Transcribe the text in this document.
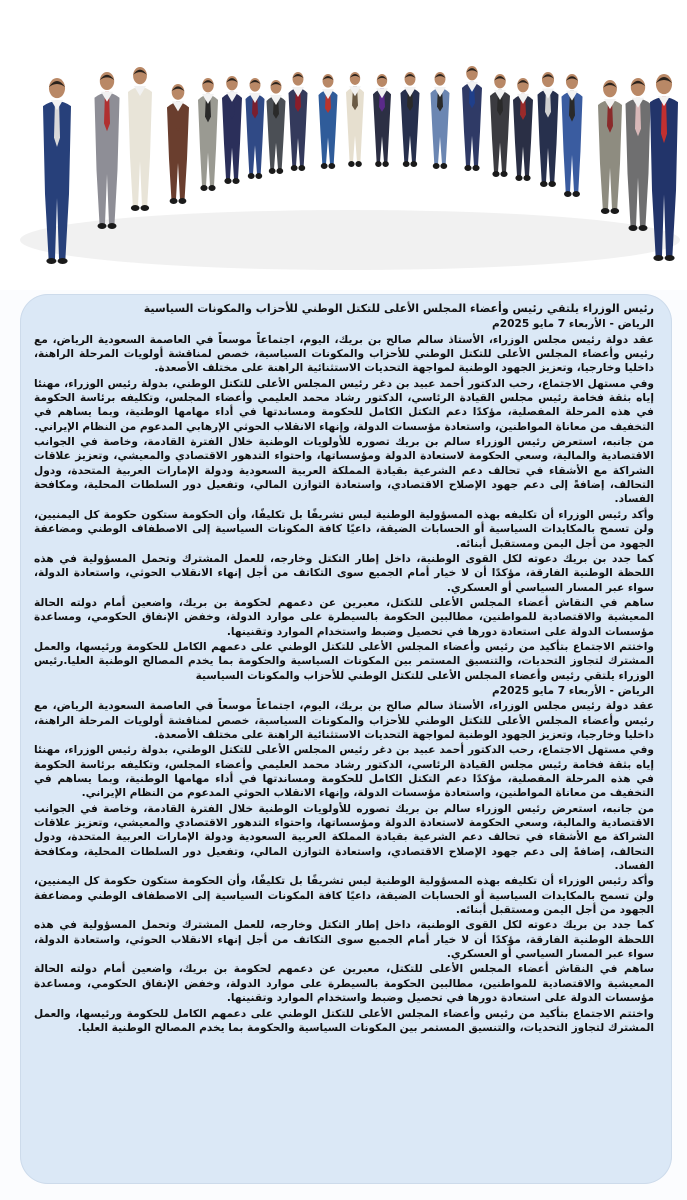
رئيس الوزراء يلتقي رئيس وأعضاء المجلس الأعلى للتكتل الوطني للأحزاب والمكونات السياسية

الرياض - الأربعاء 7 مايو 2025م

عقد دولة رئيس مجلس الوزراء، الأستاذ سالم صالح بن بريك، اليوم، اجتماعاً موسعاً في العاصمة السعودية الرياض، مع رئيس وأعضاء المجلس الأعلى للتكتل الوطني للأحزاب والمكونات السياسية، خصص لمناقشة أولويات المرحلة الراهنة، داخليا وخارجيا، وتعزيز الجهود الوطنية لمواجهة التحديات الاستثنائية الراهنة على مختلف الأصعدة.

وفي مستهل الاجتماع، رحب الدكتور أحمد عبيد بن دغر رئيس المجلس الأعلى للتكتل الوطني، بدولة رئيس الوزراء، مهنئا إياه بثقة فخامة رئيس مجلس القيادة الرئاسي، الدكتور رشاد محمد العليمي وأعضاء المجلس، وتكليفه برئاسة الحكومة في هذه المرحلة المفصلية، مؤكدًا دعم التكتل الكامل للحكومة ومساندتها في أداء مهامها الوطنية، وبما يساهم في التخفيف من معاناة المواطنين، واستعادة مؤسسات الدولة، وإنهاء الانقلاب الحوثي الإرهابي المدعوم من النظام الإيراني.

من جانبه، استعرض رئيس الوزراء سالم بن بريك تصوره للأولويات الوطنية خلال الفترة القادمة، وخاصة في الجوانب الاقتصادية والمالية، وسعي الحكومة لاستعادة الدولة ومؤسساتها، واحتواء التدهور الاقتصادي والمعيشي، وتعزيز علاقات الشراكة مع الأشقاء في تحالف دعم الشرعية بقيادة المملكة العربية السعودية ودولة الإمارات العربية المتحدة، ودول التحالف، إضافةً إلى دعم جهود الإصلاح الاقتصادي، واستعادة التوازن المالي، وتفعيل دور السلطات المحلية، ومكافحة الفساد.

وأكد رئيس الوزراء أن تكليفه بهذه المسؤولية الوطنية ليس تشريفًا بل تكليفًا، وأن الحكومة ستكون حكومة كل اليمنيين، ولن تسمح بالمكايدات السياسية أو الحسابات الضيقة، داعيًا كافة المكونات السياسية إلى الاصطفاف الوطني ومضاعفة الجهود من أجل اليمن ومستقبل أبنائه.

كما جدد بن بريك دعوته لكل القوى الوطنية، داخل إطار التكتل وخارجه، للعمل المشترك وتحمل المسؤولية في هذه اللحظة الوطنية الفارقة، مؤكدًا أن لا خيار أمام الجميع سوى التكاتف من أجل إنهاء الانقلاب الحوثي، واستعادة الدولة، سواء عبر المسار السياسي أو العسكري.

ساهم في النقاش أعضاء المجلس الأعلى للتكتل، معبرين عن دعمهم لحكومة بن بريك، واضعين أمام دولته الحالة المعيشية والاقتصادية للمواطنين، مطالبين الحكومة بالسيطرة على موارد الدولة، وخفض الإنفاق الحكومي، ومساعدة مؤسسات الدولة على استعادة دورها في تحصيل وضبط واستخدام الموارد وتقنينها.

واختتم الاجتماع بتأكيد من رئيس وأعضاء المجلس الأعلى للتكتل الوطني على دعمهم الكامل للحكومة ورئيسها، والعمل المشترك لتجاوز التحديات، والتنسيق المستمر بين المكونات السياسية والحكومة بما يخدم المصالح الوطنية العليا.رئيس الوزراء يلتقي رئيس وأعضاء المجلس الأعلى للتكتل الوطني للأحزاب والمكونات السياسية

الرياض - الأربعاء 7 مايو 2025م

عقد دولة رئيس مجلس الوزراء، الأستاذ سالم صالح بن بريك، اليوم، اجتماعاً موسعاً في العاصمة السعودية الرياض، مع رئيس وأعضاء المجلس الأعلى للتكتل الوطني للأحزاب والمكونات السياسية، خصص لمناقشة أولويات المرحلة الراهنة، داخليا وخارجيا، وتعزيز الجهود الوطنية لمواجهة التحديات الاستثنائية الراهنة على مختلف الأصعدة.

وفي مستهل الاجتماع، رحب الدكتور أحمد عبيد بن دغر رئيس المجلس الأعلى للتكتل الوطني، بدولة رئيس الوزراء، مهنئا إياه بثقة فخامة رئيس مجلس القيادة الرئاسي، الدكتور رشاد محمد العليمي وأعضاء المجلس، وتكليفه برئاسة الحكومة في هذه المرحلة المفصلية، مؤكدًا دعم التكتل الكامل للحكومة ومساندتها في أداء مهامها الوطنية، وبما يساهم في التخفيف من معاناة المواطنين، واستعادة مؤسسات الدولة، وإنهاء الانقلاب الحوثي المدعوم من النظام الإيراني.

من جانبه، استعرض رئيس الوزراء سالم بن بريك تصوره للأولويات الوطنية خلال الفترة القادمة، وخاصة في الجوانب الاقتصادية والمالية، وسعي الحكومة لاستعادة الدولة ومؤسساتها، واحتواء التدهور الاقتصادي والمعيشي، وتعزيز علاقات الشراكة مع الأشقاء في تحالف دعم الشرعية بقيادة المملكة العربية السعودية ودولة الإمارات العربية المتحدة، ودول التحالف، إضافةً إلى دعم جهود الإصلاح الاقتصادي، واستعادة التوازن المالي، وتفعيل دور السلطات المحلية، ومكافحة الفساد.

وأكد رئيس الوزراء أن تكليفه بهذه المسؤولية الوطنية ليس تشريفًا بل تكليفًا، وأن الحكومة ستكون حكومة كل اليمنيين، ولن تسمح بالمكايدات السياسية أو الحسابات الضيقة، داعيًا كافة المكونات السياسية إلى الاصطفاف الوطني ومضاعفة الجهود من أجل اليمن ومستقبل أبنائه.

كما جدد بن بريك دعوته لكل القوى الوطنية، داخل إطار التكتل وخارجه، للعمل المشترك وتحمل المسؤولية في هذه اللحظة الوطنية الفارقة، مؤكدًا أن لا خيار أمام الجميع سوى التكاتف من أجل إنهاء الانقلاب الحوثي، واستعادة الدولة، سواء عبر المسار السياسي أو العسكري.

ساهم في النقاش أعضاء المجلس الأعلى للتكتل، معبرين عن دعمهم لحكومة بن بريك، واضعين أمام دولته الحالة المعيشية والاقتصادية للمواطنين، مطالبين الحكومة بالسيطرة على موارد الدولة، وخفض الإنفاق الحكومي، ومساعدة مؤسسات الدولة على استعادة دورها في تحصيل وضبط واستخدام الموارد وتقنينها.

واختتم الاجتماع بتأكيد من رئيس وأعضاء المجلس الأعلى للتكتل الوطني على دعمهم الكامل للحكومة ورئيسها، والعمل المشترك لتجاوز التحديات، والتنسيق المستمر بين المكونات السياسية والحكومة بما يخدم المصالح الوطنية العليا.
